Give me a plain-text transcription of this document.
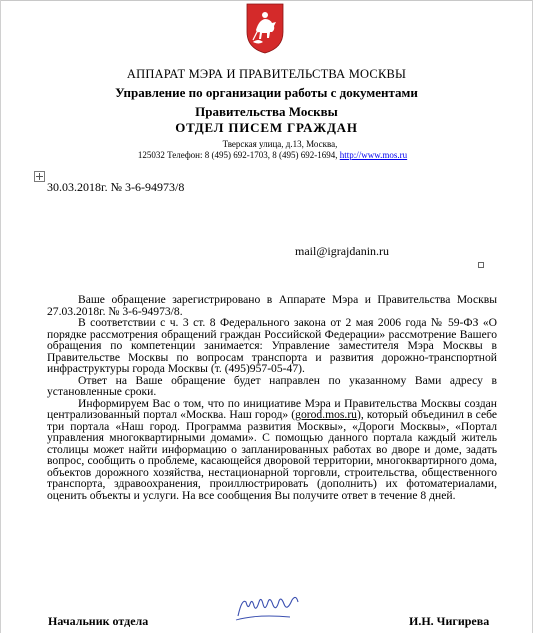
АППАРАТ МЭРА И ПРАВИТЕЛЬСТВА МОСКВЫ
Управление по организации работы с документами
Правительства Москвы
ОТДЕЛ ПИСЕМ ГРАЖДАН
Тверская улица, д.13, Москва,
125032 Телефон: 8 (495) 692-1703, 8 (495) 692-1694, http://www.mos.ru
30.03.2018г. № 3-6-94973/8
mail@igrajdanin.ru

Ваше обращение зарегистрировано в Аппарате Мэра и Правительства Москвы 27.03.2018г. № 3-6-94973/8.

В соответствии с ч. 3 ст. 8 Федерального закона от 2 мая 2006 года № 59-ФЗ «О порядке рассмотрения обращений граждан Российской Федерации» рассмотрение Вашего обращения по компетенции занимается: Управление заместителя Мэра Москвы в Правительстве Москвы по вопросам транспорта и развития дорожно-транспортной инфраструктуры города Москвы (т. (495)957-05-47).

Ответ на Ваше обращение будет направлен по указанному Вами адресу в установленные сроки.

Информируем Вас о том, что по инициативе Мэра и Правительства Москвы создан централизованный портал «Москва. Наш город» (gorod.mos.ru), который объединил в себе три портала «Наш город. Программа развития Москвы», «Дороги Москвы», «Портал управления многоквартирными домами». С помощью данного портала каждый житель столицы может найти информацию о запланированных работах во дворе и доме, задать вопрос, сообщить о проблеме, касающейся дворовой территории, многоквартирного дома, объектов дорожного хозяйства, нестационарной торговли, строительства, общественного транспорта, здравоохранения, проиллюстрировать (дополнить) их фотоматериалами, оценить объекты и услуги. На все сообщения Вы получите ответ в течение 8 дней.

Начальник отдела	И.Н. Чигирева
